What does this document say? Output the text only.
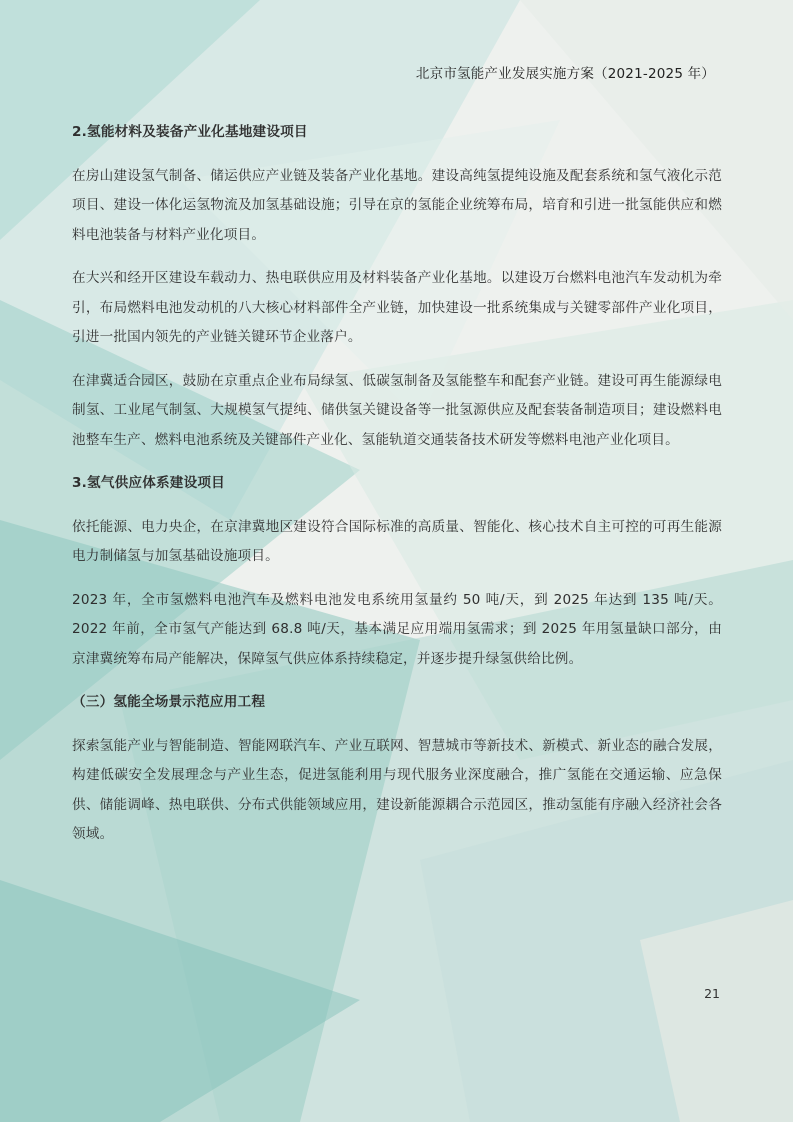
北京市氢能产业发展实施方案（2021-2025 年）
2.氢能材料及装备产业化基地建设项目

在房山建设氢气制备、储运供应产业链及装备产业化基地。建设高纯氢提纯设施及配套系统和氢气液化示范项目、建设一体化运氢物流及加氢基础设施；引导在京的氢能企业统筹布局，培育和引进一批氢能供应和燃料电池装备与材料产业化项目。

在大兴和经开区建设车载动力、热电联供应用及材料装备产业化基地。以建设万台燃料电池汽车发动机为牵引，布局燃料电池发动机的八大核心材料部件全产业链，加快建设一批系统集成与关键零部件产业化项目，引进一批国内领先的产业链关键环节企业落户。

在津冀适合园区，鼓励在京重点企业布局绿氢、低碳氢制备及氢能整车和配套产业链。建设可再生能源绿电制氢、工业尾气制氢、大规模氢气提纯、储供氢关键设备等一批氢源供应及配套装备制造项目；建设燃料电池整车生产、燃料电池系统及关键部件产业化、氢能轨道交通装备技术研发等燃料电池产业化项目。

3.氢气供应体系建设项目

依托能源、电力央企，在京津冀地区建设符合国际标准的高质量、智能化、核心技术自主可控的可再生能源电力制储氢与加氢基础设施项目。

2023 年，全市氢燃料电池汽车及燃料电池发电系统用氢量约 50 吨/天，到 2025 年达到 135 吨/天。2022 年前，全市氢气产能达到 68.8 吨/天，基本满足应用端用氢需求；到 2025 年用氢量缺口部分，由京津冀统筹布局产能解决，保障氢气供应体系持续稳定，并逐步提升绿氢供给比例。

（三）氢能全场景示范应用工程

探索氢能产业与智能制造、智能网联汽车、产业互联网、智慧城市等新技术、新模式、新业态的融合发展，构建低碳安全发展理念与产业生态，促进氢能利用与现代服务业深度融合，推广氢能在交通运输、应急保供、储能调峰、热电联供、分布式供能领域应用，建设新能源耦合示范园区，推动氢能有序融入经济社会各领域。

21
